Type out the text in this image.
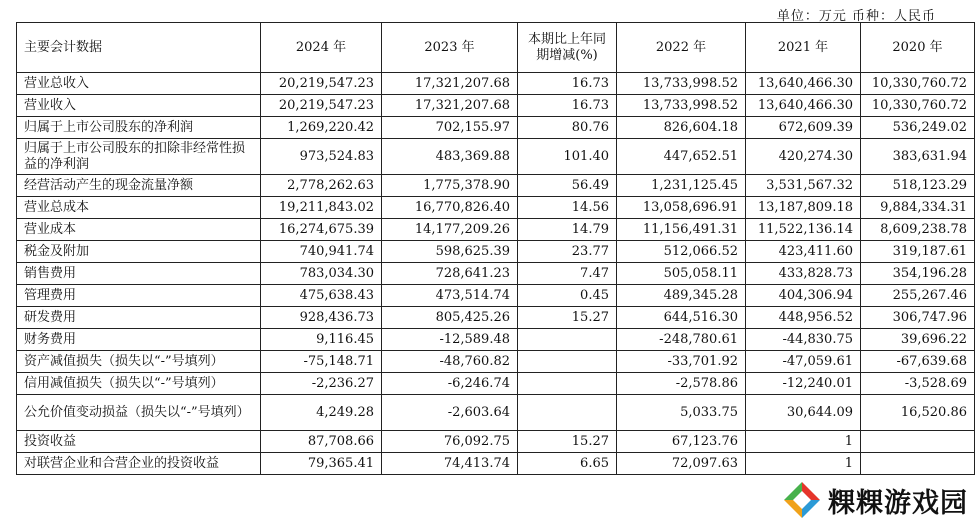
单位：万元 币种：人民币
主要会计数据	2024 年	2023 年	本期比上年同期增减(%)	2022 年	2021 年	2020 年
营业总收入	20,219,547.23	17,321,207.68	16.73	13,733,998.52	13,640,466.30	10,330,760.72
营业收入	20,219,547.23	17,321,207.68	16.73	13,733,998.52	13,640,466.30	10,330,760.72
归属于上市公司股东的净利润	1,269,220.42	702,155.97	80.76	826,604.18	672,609.39	536,249.02
归属于上市公司股东的扣除非经常性损益的净利润	973,524.83	483,369.88	101.40	447,652.51	420,274.30	383,631.94
经营活动产生的现金流量净额	2,778,262.63	1,775,378.90	56.49	1,231,125.45	3,531,567.32	518,123.29
营业总成本	19,211,843.02	16,770,826.40	14.56	13,058,696.91	13,187,809.18	9,884,334.31
营业成本	16,274,675.39	14,177,209.26	14.79	11,156,491.31	11,522,136.14	8,609,238.78
税金及附加	740,941.74	598,625.39	23.77	512,066.52	423,411.60	319,187.61
销售费用	783,034.30	728,641.23	7.47	505,058.11	433,828.73	354,196.28
管理费用	475,638.43	473,514.74	0.45	489,345.28	404,306.94	255,267.46
研发费用	928,436.73	805,425.26	15.27	644,516.30	448,956.52	306,747.96
财务费用	9,116.45	-12,589.48		-248,780.61	-44,830.75	39,696.22
资产减值损失（损失以“-”号填列）	-75,148.71	-48,760.82		-33,701.92	-47,059.61	-67,639.68
信用减值损失（损失以“-”号填列）	-2,236.27	-6,246.74		-2,578.86	-12,240.01	-3,528.69
公允价值变动损益（损失以“-”号填列）	4,249.28	-2,603.64		5,033.75	30,644.09	16,520.86
投资收益	87,708.66	76,092.75	15.27	67,123.76	1	
对联营企业和合营企业的投资收益	79,365.41	74,413.74	6.65	72,097.63	1	
粿粿游戏园
